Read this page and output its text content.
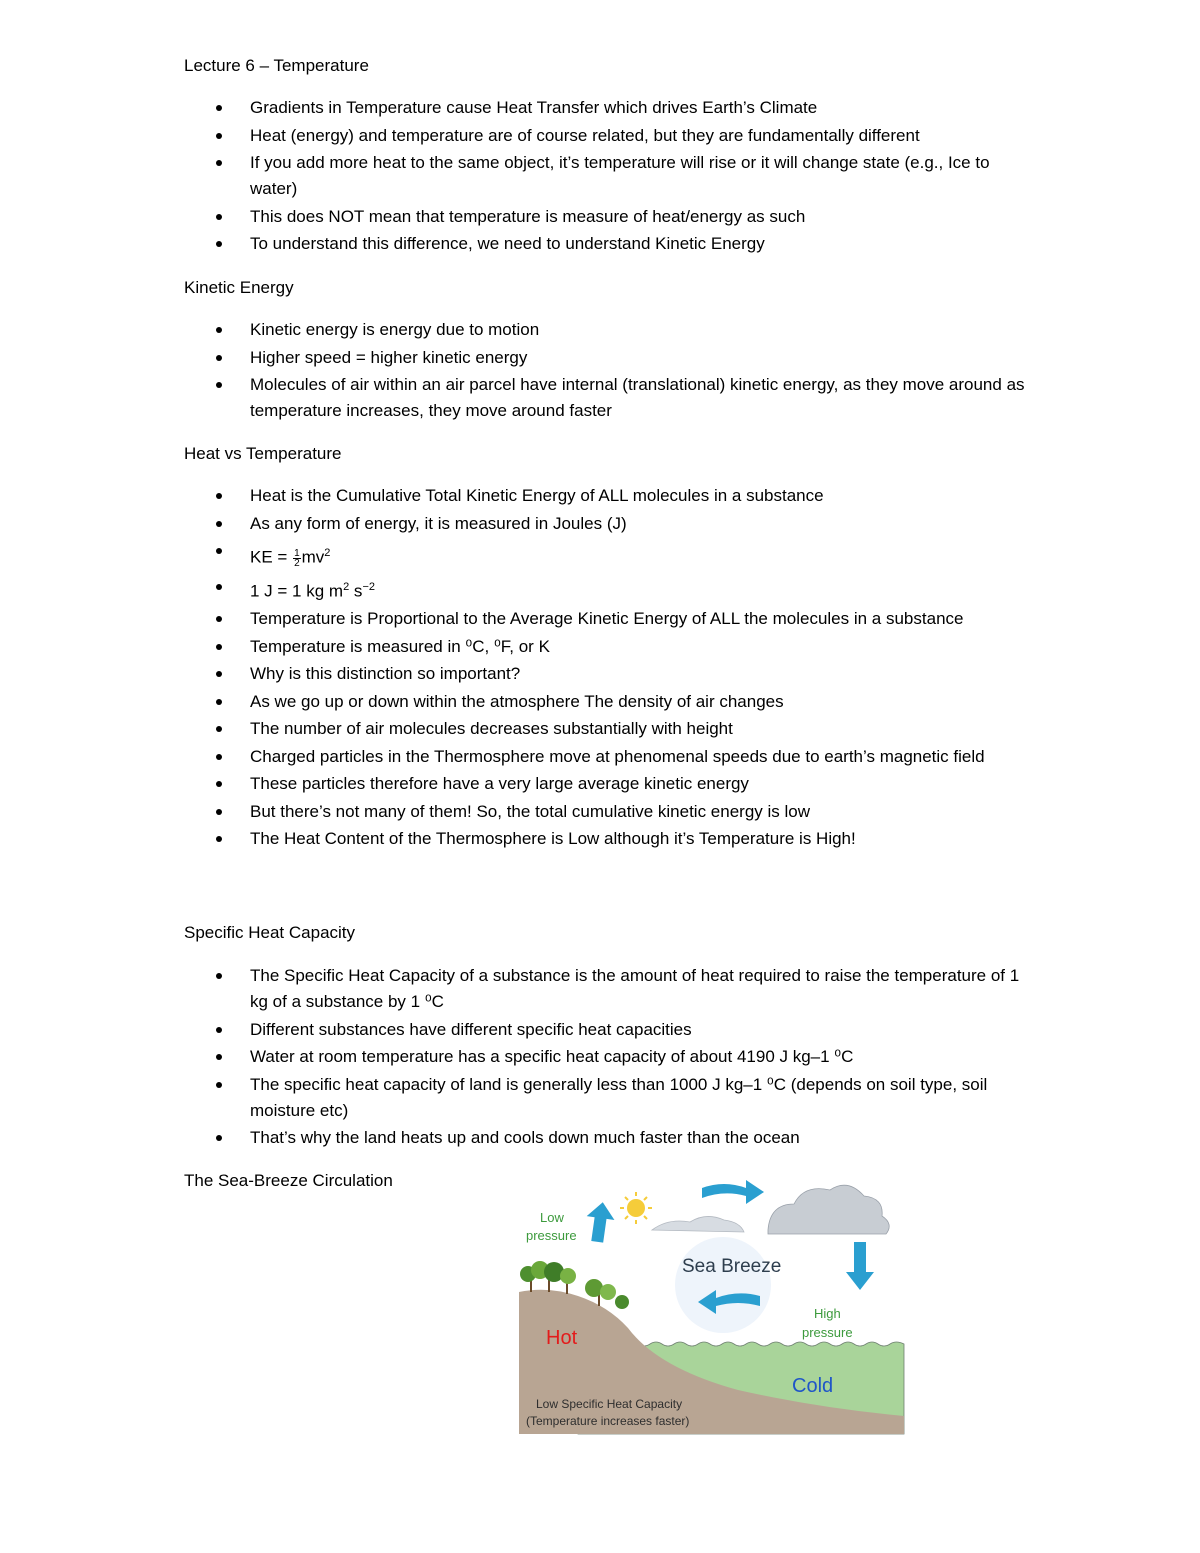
Lecture 6 – Temperature
Gradients in Temperature cause Heat Transfer which drives Earth’s Climate
Heat (energy) and temperature are of course related, but they are fundamentally different
If you add more heat to the same object, it’s temperature will rise or it will change state (e.g., Ice to water)
This does NOT mean that temperature is measure of heat/energy as such
To understand this difference, we need to understand Kinetic Energy
Kinetic Energy
Kinetic energy is energy due to motion
Higher speed = higher kinetic energy
Molecules of air within an air parcel have internal (translational) kinetic energy, as they move around as temperature increases, they move around faster
Heat vs Temperature
Heat is the Cumulative Total Kinetic Energy of ALL molecules in a substance
As any form of energy, it is measured in Joules (J)
KE = $\frac{1}{2} mv^2$
1 J = 1 kg $m^2$ $s^{-2}$
Temperature is Proportional to the Average Kinetic Energy of ALL the molecules in a substance
Temperature is measured in ⁰C, ⁰F, or K
Why is this distinction so important?
As we go up or down within the atmosphere The density of air changes
The number of air molecules decreases substantially with height
Charged particles in the Thermosphere move at phenomenal speeds due to earth’s magnetic field
These particles therefore have a very large average kinetic energy
But there’s not many of them! So, the total cumulative kinetic energy is low
The Heat Content of the Thermosphere is Low although it’s Temperature is High!
Specific Heat Capacity
The Specific Heat Capacity of a substance is the amount of heat required to raise the temperature of 1 kg of a substance by 1 ⁰C
Different substances have different specific heat capacities
Water at room temperature has a specific heat capacity of about 4190 J kg–1 ⁰C
The specific heat capacity of land is generally less than 1000 J kg–1 ⁰C (depends on soil type, soil moisture etc)
That’s why the land heats up and cools down much faster than the ocean
The Sea-Breeze Circulation
Low
pressure
Sea Breeze
High
pressure
Hot
Cold
Low Specific Heat Capacity
(Temperature increases faster)
